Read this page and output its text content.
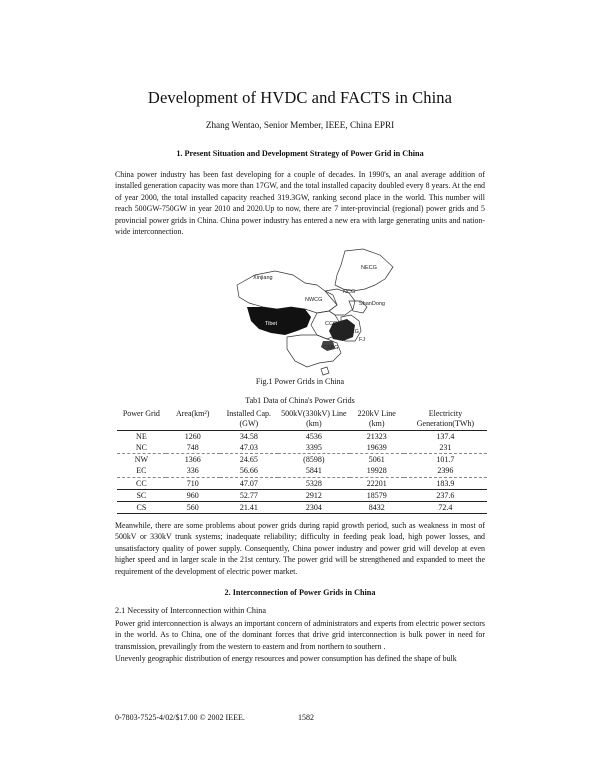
Development of HVDC and FACTS in China
Zhang Wentao, Senior Member, IEEE, China EPRI
1. Present Situation and Development Strategy of Power Grid in China
China power industry has been fast developing for a couple of decades. In 1990's, an anal average addition of installed generation capacity was more than 17GW, and the total installed capacity doubled every 8 years. At the end of year 2000, the total installed capacity reached 319.3GW, ranking second place in the world. This number will reach 500GW-750GW in year 2010 and 2020.Up to now, there are 7 inter-provincial (regional) power grids and 5 provincial power grids in China. China power industry has entered a new era with large generating units and nation-wide interconnection.
NECG
Xinjiang
NCG
NWCG
ShanDong
Tibet	CCG
ECG
CSPG
FJ
Fig.1 Power Grids in China
Tab1 Data of China's Power Grids
Power Grid	Area(km²)	Installed Cap. (GW)	500kV(330kV) Line (km)	220kV Line (km)	Electricity Generation(TWh)
NE	1260	34.58	4536	21323	137.4
NC	748	47.03	3395	19639	231
NW	1366	24.65	(8598)	5061	101.7
EC	336	56.66	5841	19928	2396
CC	710	47.07	5328	22201	183.9
SC	960	52.77	2912	18579	237.6
CS	560	21.41	2304	8432	72.4
Meanwhile, there are some problems about power grids during rapid growth period, such as weakness in most of 500kV or 330kV trunk systems; inadequate reliability; difficulty in feeding peak load, high power losses, and unsatisfactory quality of power supply. Consequently, China power industry and power grid will develop at even higher speed and in larger scale in the 21st century. The power grid will be strengthened and expanded to meet the requirement of the development of electric power market.
2. Interconnection of Power Grids in China
2.1 Necessity of Interconnection within China
Power grid interconnection is always an important concern of administrators and experts from electric power sectors in the world. As to China, one of the dominant forces that drive grid interconnection is bulk power in need for transmission, prevailingly from the western to eastern and from northern to southern .
Unevenly geographic distribution of energy resources and power consumption has defined the shape of bulk
0-7803-7525-4/02/$17.00 © 2002 IEEE.	1582
